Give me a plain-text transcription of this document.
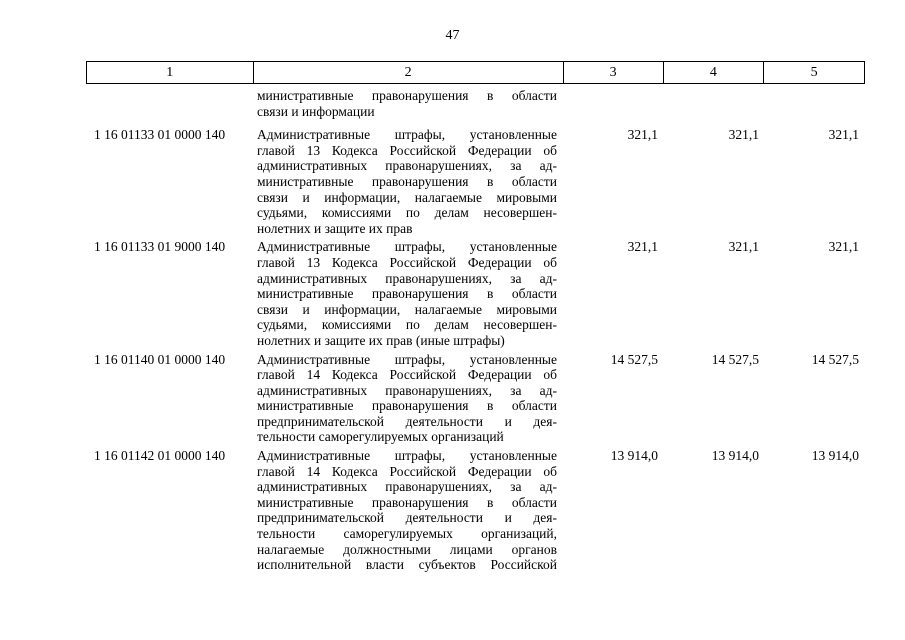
47
1	2	3	4	5
министративные правонарушения в области
связи и информации
1 16 01133 01 0000 140	Административные штрафы, установленные
главой 13 Кодекса Российской Федерации об
административных правонарушениях, за ад-
министративные правонарушения в области
связи и информации, налагаемые мировыми
судьями, комиссиями по делам несовершен-
нолетних и защите их прав
321,1	321,1	321,1
1 16 01133 01 9000 140	Административные штрафы, установленные
главой 13 Кодекса Российской Федерации об
административных правонарушениях, за ад-
министративные правонарушения в области
связи и информации, налагаемые мировыми
судьями, комиссиями по делам несовершен-
нолетних и защите их прав (иные штрафы)
321,1	321,1	321,1
1 16 01140 01 0000 140	Административные штрафы, установленные
главой 14 Кодекса Российской Федерации об
административных правонарушениях, за ад-
министративные правонарушения в области
предпринимательской деятельности и дея-
тельности саморегулируемых организаций
14 527,5	14 527,5	14 527,5
1 16 01142 01 0000 140	Административные штрафы, установленные
главой 14 Кодекса Российской Федерации об
административных правонарушениях, за ад-
министративные правонарушения в области
предпринимательской деятельности и дея-
тельности саморегулируемых организаций,
налагаемые должностными лицами органов
исполнительной власти субъектов Российской
13 914,0	13 914,0	13 914,0
